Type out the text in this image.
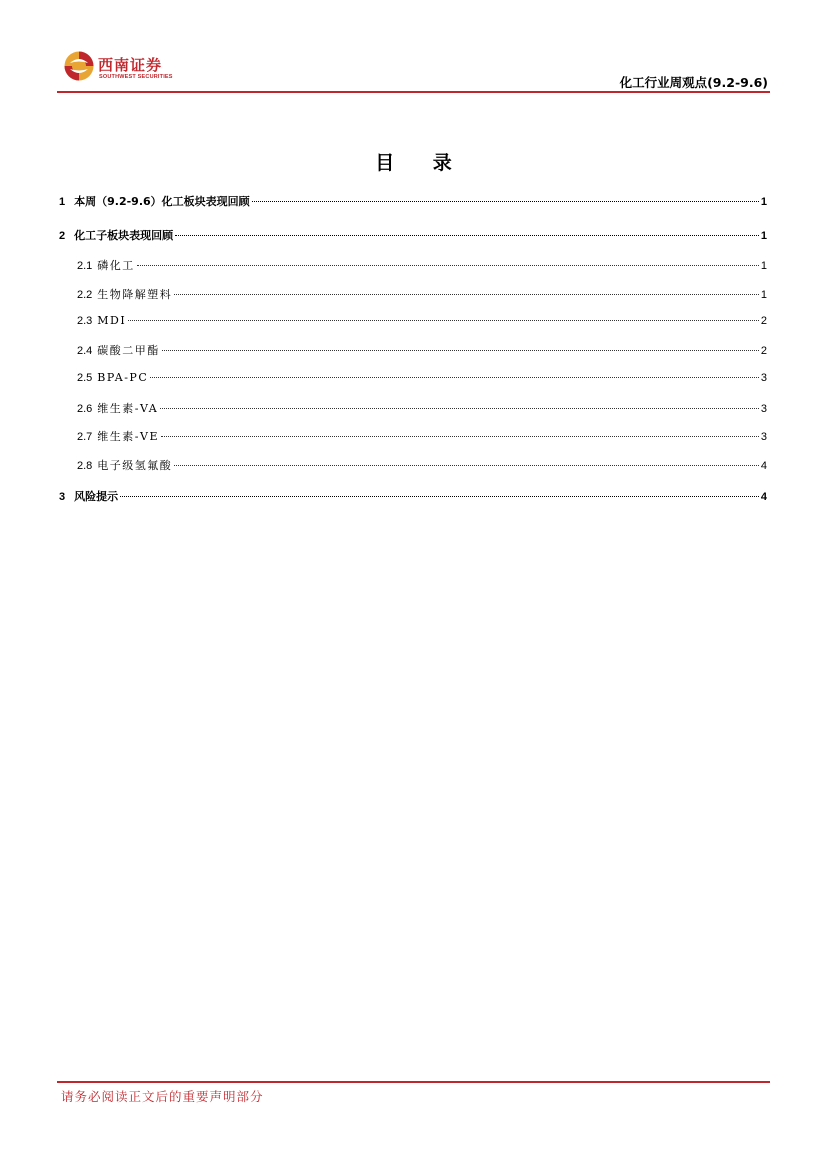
西南证券
SOUTHWEST SECURITIES	化工行业周观点(9.2-9.6)
目 录
1 本周（9.2-9.6）化工板块表现回顾	1
2 化工子板块表现回顾	1
2.1 磷化工	1
2.2 生物降解塑料	1
2.3 MDI	2
2.4 碳酸二甲酯	2
2.5 BPA-PC	3
2.6 维生素-VA	3
2.7 维生素-VE	3
2.8 电子级氢氟酸	4
3 风险提示	4
请务必阅读正文后的重要声明部分
